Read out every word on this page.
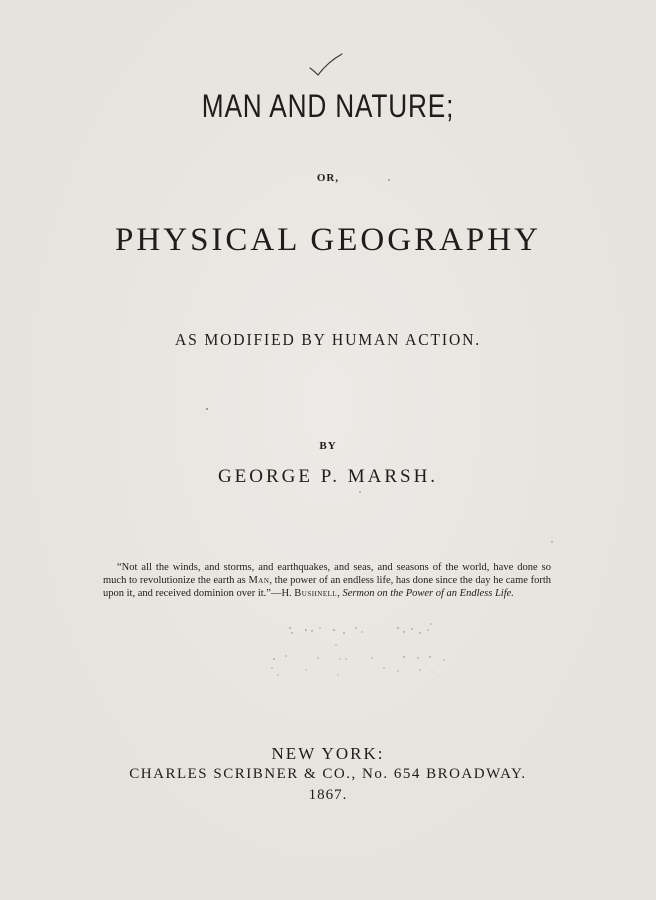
MAN AND NATURE;
OR,
PHYSICAL GEOGRAPHY
AS MODIFIED BY HUMAN ACTION.
BY
GEORGE P. MARSH.
“Not all the winds, and storms, and earthquakes, and seas, and seasons of the world, have done so much to revolutionize the earth as Man, the power of an endless life, has done since the day he came forth upon it, and received dominion over it.”—H. Bushnell, Sermon on the Power of an Endless Life.
NEW YORK:
CHARLES SCRIBNER & CO., No. 654 BROADWAY.
1867.
